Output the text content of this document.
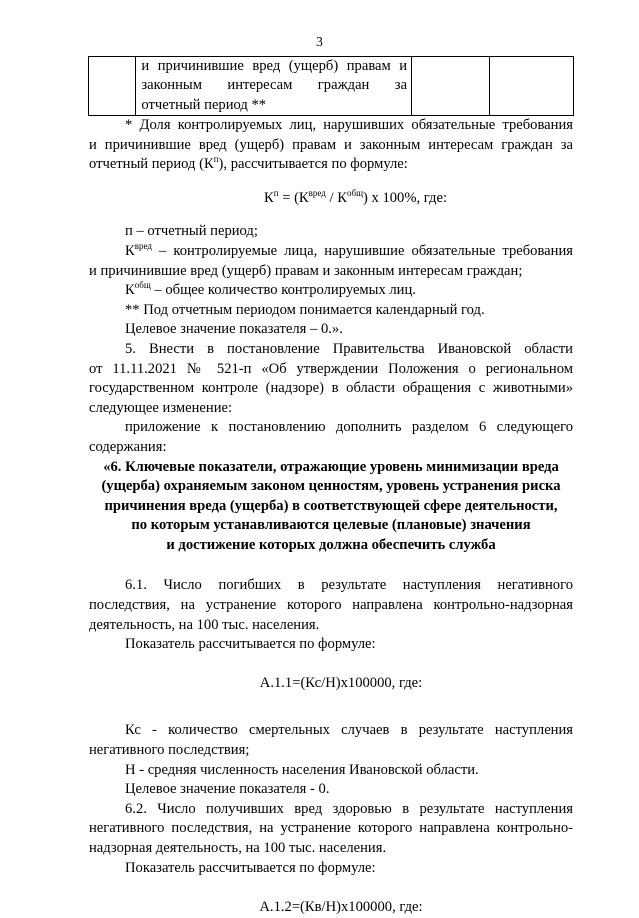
3

и причинившие вред (ущерб) правам и
законным интересам граждан за
отчетный период **

* Доля контролируемых лиц, нарушивших обязательные требования

и причинившие вред (ущерб) правам и законным интересам граждан за

отчетный период $(К^п)$, рассчитывается по формуле:

$К^п = (К^{вред} / К^{общ})$ x 100%, где:

п – отчетный период;

$К^{вред}$ – контролируемые лица, нарушившие обязательные требования

и причинившие вред (ущерб) правам и законным интересам граждан;

$К^{общ}$ – общее количество контролируемых лиц.

** Под отчетным периодом понимается календарный год.

Целевое значение показателя – 0.».

5. Внести в постановление Правительства Ивановской области

от 11.11.2021 № 521-п «Об утверждении Положения о региональном

государственном контроле (надзоре) в области обращения с животными»

следующее изменение:

приложение к постановлению дополнить разделом 6 следующего

содержания:

«6. Ключевые показатели, отражающие уровень минимизации вреда

(ущерба) охраняемым законом ценностям, уровень устранения риска

причинения вреда (ущерба) в соответствующей сфере деятельности,

по которым устанавливаются целевые (плановые) значения

и достижение которых должна обеспечить служба

6.1. Число погибших в результате наступления негативного

последствия, на устранение которого направлена контрольно-надзорная

деятельность, на 100 тыс. населения.

Показатель рассчитывается по формуле:

А.1.1=(Кс/Н)х100000, где:

Кс - количество смертельных случаев в результате наступления

негативного последствия;

Н - средняя численность населения Ивановской области.

Целевое значение показателя - 0.

6.2. Число получивших вред здоровью в результате наступления

негативного последствия, на устранение которого направлена контрольно-

надзорная деятельность, на 100 тыс. населения.

Показатель рассчитывается по формуле:

А.1.2=(Кв/Н)х100000, где:
